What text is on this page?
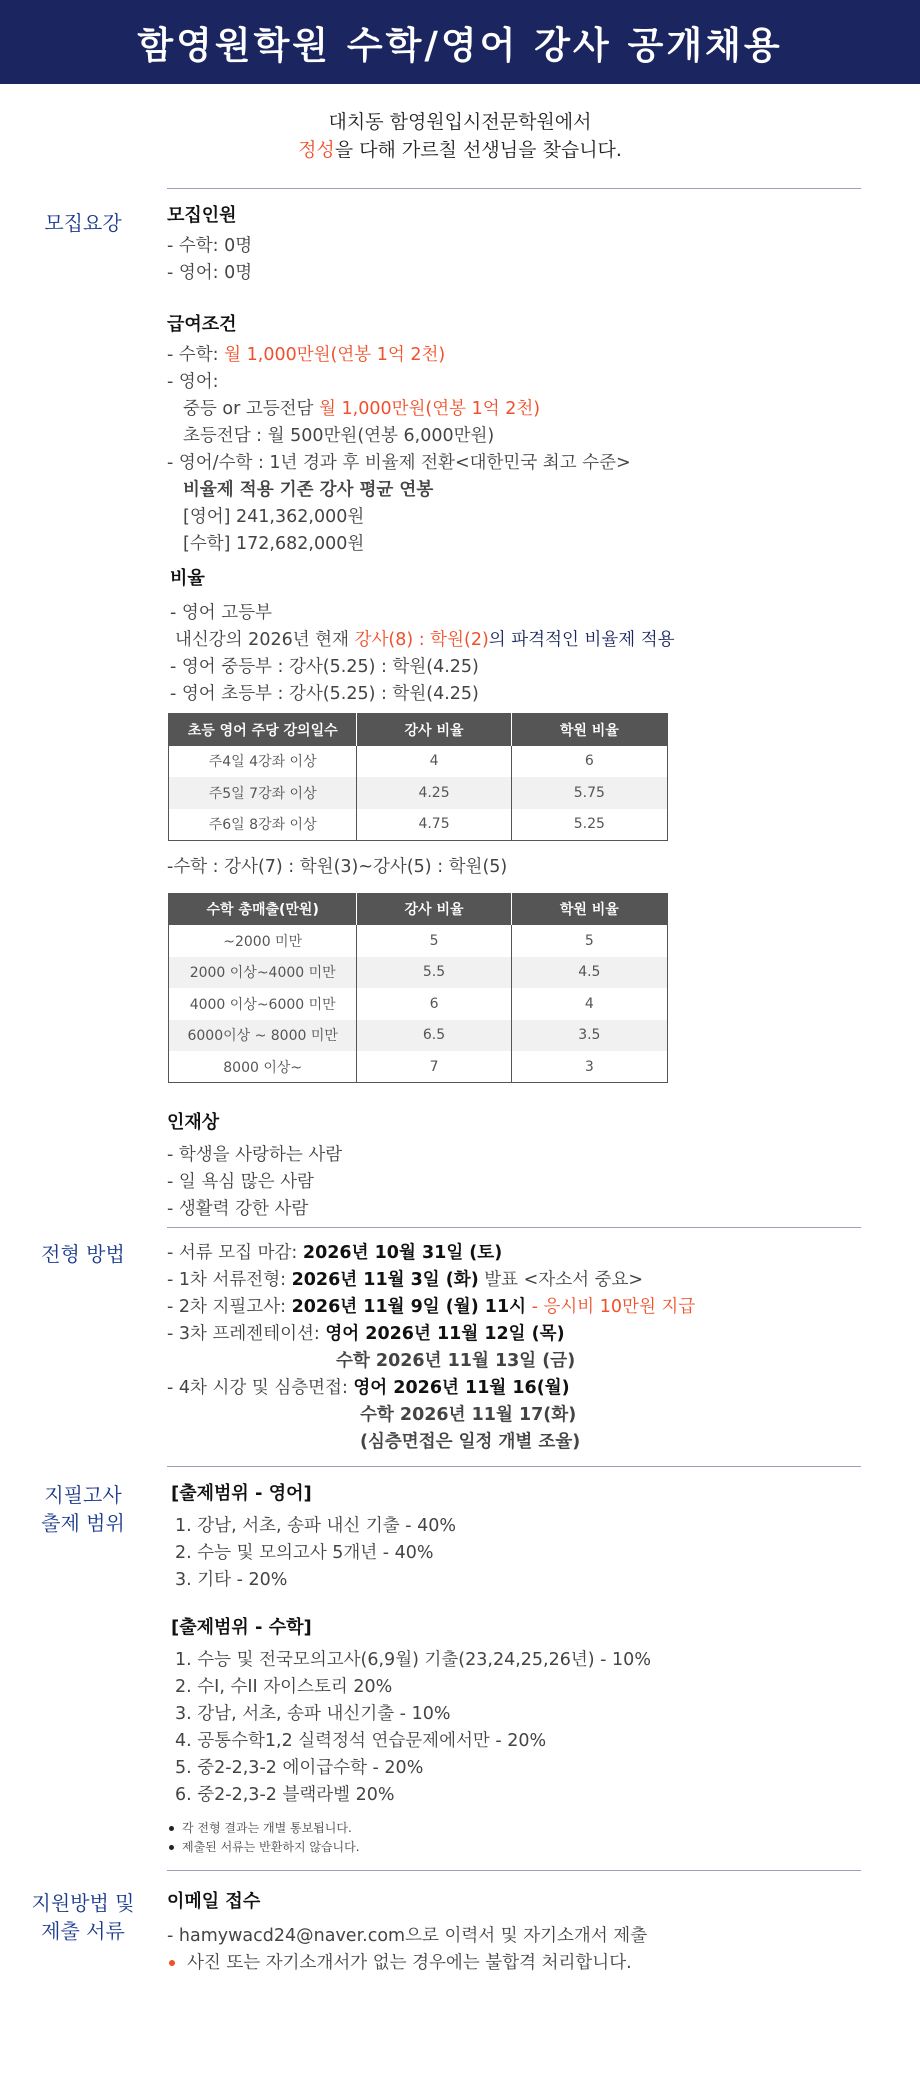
함영원학원 수학/영어 강사 공개채용
대치동 함영원입시전문학원에서
정성을 다해 가르칠 선생님을 찾습니다.
모집요강	모집인원
- 수학: 0명
- 영어: 0명
급여조건
- 수학: 월 1,000만원(연봉 1억 2천)
- 영어:
중등 or 고등전담 월 1,000만원(연봉 1억 2천)
초등전담 : 월 500만원(연봉 6,000만원)
- 영어/수학 : 1년 경과 후 비율제 전환<대한민국 최고 수준>
비율제 적용 기존 강사 평균 연봉
[영어] 241,362,000원
[수학] 172,682,000원
비율
- 영어 고등부
내신강의 2026년 현재 강사(8) : 학원(2)의 파격적인 비율제 적용
- 영어 중등부 : 강사(5.25) : 학원(4.25)
- 영어 초등부 : 강사(5.25) : 학원(4.25)
초등 영어 주당 강의일수	강사 비율	학원 비율
주4일 4강좌 이상	4	6
주5일 7강좌 이상	4.25	5.75
주6일 8강좌 이상	4.75	5.25
-수학 : 강사(7) : 학원(3)~강사(5) : 학원(5)
수학 총매출(만원)	강사 비율	학원 비율
~2000 미만	5	5
2000 이상~4000 미만	5.5	4.5
4000 이상~6000 미만	6	4
6000이상 ~ 8000 미만	6.5	3.5
8000 이상~	7	3
인재상
- 학생을 사랑하는 사람
- 일 욕심 많은 사람
- 생활력 강한 사람
전형 방법	- 서류 모집 마감: 2026년 10월 31일 (토)
- 1차 서류전형: 2026년 11월 3일 (화) 발표 <자소서 중요>
- 2차 지필고사: 2026년 11월 9일 (월) 11시 - 응시비 10만원 지급
- 3차 프레젠테이션: 영어 2026년 11월 12일 (목)
수학 2026년 11월 13일 (금)
- 4차 시강 및 심층면접: 영어 2026년 11월 16(월)
수학 2026년 11월 17(화)
(심층면접은 일정 개별 조율)
지필고사
출제 범위
[출제범위 - 영어]
1. 강남, 서초, 송파 내신 기출 - 40%
2. 수능 및 모의고사 5개년 - 40%
3. 기타 - 20%
[출제범위 - 수학]
1. 수능 및 전국모의고사(6,9월) 기출(23,24,25,26년) - 10%
2. 수I, 수II 자이스토리 20%
3. 강남, 서초, 송파 내신기출 - 10%
4. 공통수학1,2 실력정석 연습문제에서만 - 20%
5. 중2-2,3-2 에이급수학 - 20%
6. 중2-2,3-2 블랙라벨 20%
각 전형 결과는 개별 통보됩니다.
제출된 서류는 반환하지 않습니다.
지원방법 및
제출 서류
이메일 접수
- hamywacd24@naver.com으로 이력서 및 자기소개서 제출
사진 또는 자기소개서가 없는 경우에는 불합격 처리합니다.
